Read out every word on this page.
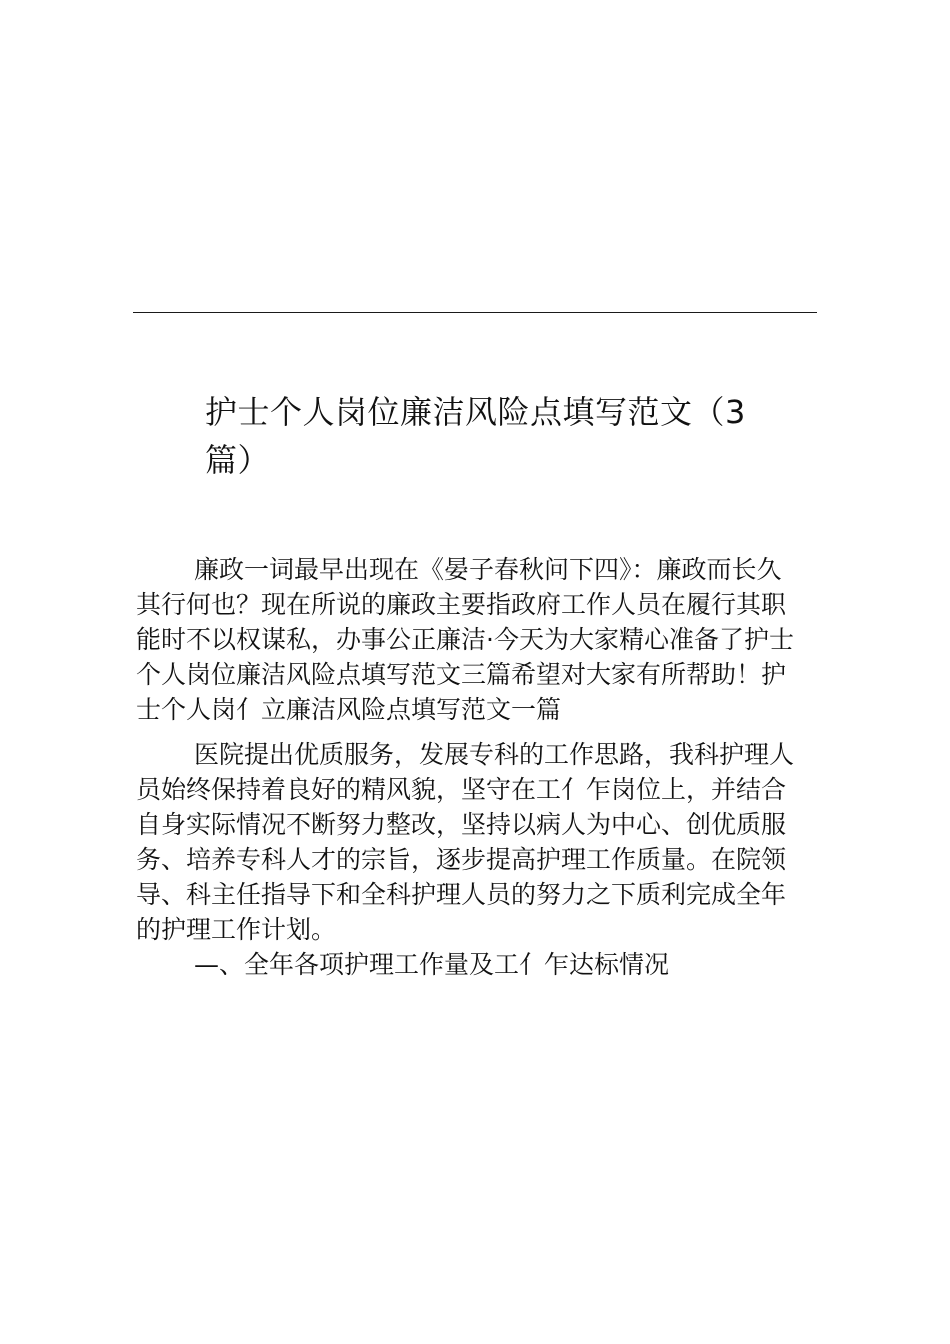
护士个人岗位廉洁风险点填写范文（3
篇）

廉政一词最早出现在《晏子春秋问下四》：廉政而长久

其行何也？现在所说的廉政主要指政府工作人员在履行其职

能时不以权谋私，办事公正廉洁·今天为大家精心准备了护士

个人岗位廉洁风险点填写范文三篇希望对大家有所帮助！护

士个人岗亻立廉洁风险点填写范文一篇

医院提出优质服务，发展专科的工作思路，我科护理人

员始终保持着良好的精风貌，坚守在工亻乍岗位上，并结合

自身实际情况不断努力整改，坚持以病人为中心、创优质服

务、培养专科人才的宗旨，逐步提高护理工作质量。在院领

导、科主任指导下和全科护理人员的努力之下质利完成全年

的护理工作计划。

—、全年各项护理工作量及工亻乍达标情况
